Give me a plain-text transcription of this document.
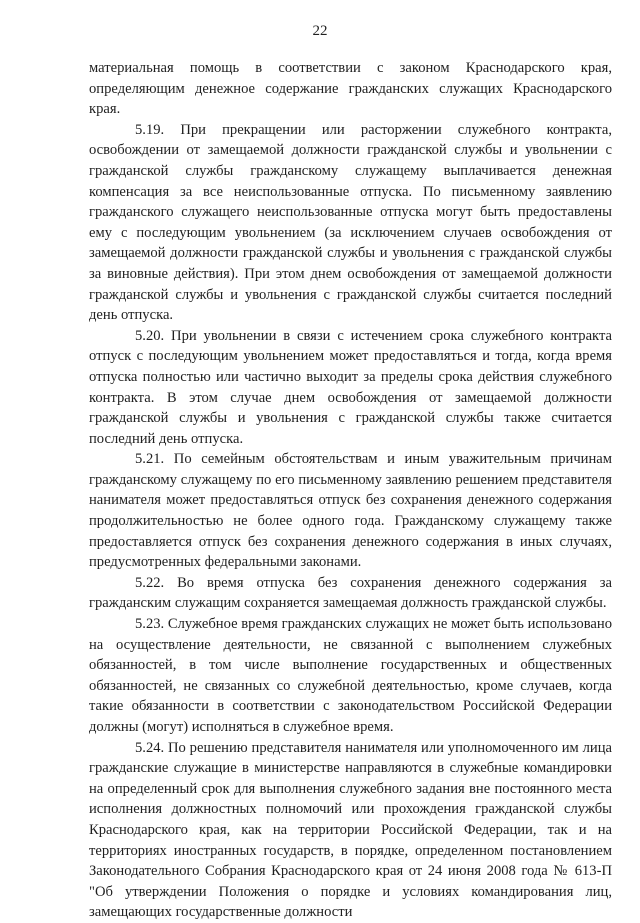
22

материальная помощь в соответствии с законом Краснодарского края, определяющим денежное содержание гражданских служащих Краснодарского края.

5.19. При прекращении или расторжении служебного контракта, освобождении от замещаемой должности гражданской службы и увольнении с гражданской службы гражданскому служащему выплачивается денежная компенсация за все неиспользованные отпуска. По письменному заявлению гражданского служащего неиспользованные отпуска могут быть предоставлены ему с последующим увольнением (за исключением случаев освобождения от замещаемой должности гражданской службы и увольнения с гражданской службы за виновные действия). При этом днем освобождения от замещаемой должности гражданской службы и увольнения с гражданской службы считается последний день отпуска.

5.20. При увольнении в связи с истечением срока служебного контракта отпуск с последующим увольнением может предоставляться и тогда, когда время отпуска полностью или частично выходит за пределы срока действия служебного контракта. В этом случае днем освобождения от замещаемой должности гражданской службы и увольнения с гражданской службы также считается последний день отпуска.

5.21. По семейным обстоятельствам и иным уважительным причинам гражданскому служащему по его письменному заявлению решением представителя нанимателя может предоставляться отпуск без сохранения денежного содержания продолжительностью не более одного года. Гражданскому служащему также предоставляется отпуск без сохранения денежного содержания в иных случаях, предусмотренных федеральными законами.

5.22. Во время отпуска без сохранения денежного содержания за гражданским служащим сохраняется замещаемая должность гражданской службы.

5.23. Служебное время гражданских служащих не может быть использовано на осуществление деятельности, не связанной с выполнением служебных обязанностей, в том числе выполнение государственных и общественных обязанностей, не связанных со служебной деятельностью, кроме случаев, когда такие обязанности в соответствии с законодательством Российской Федерации должны (могут) исполняться в служебное время.

5.24. По решению представителя нанимателя или уполномоченного им лица гражданские служащие в министерстве направляются в служебные командировки на определенный срок для выполнения служебного задания вне постоянного места исполнения должностных полномочий или прохождения гражданской службы Краснодарского края, как на территории Российской Федерации, так и на территориях иностранных государств, в порядке, определенном постановлением Законодательного Собрания Краснодарского края от 24 июня 2008 года № 613-П "Об утверждении Положения о порядке и условиях командирования лиц, замещающих государственные должности
